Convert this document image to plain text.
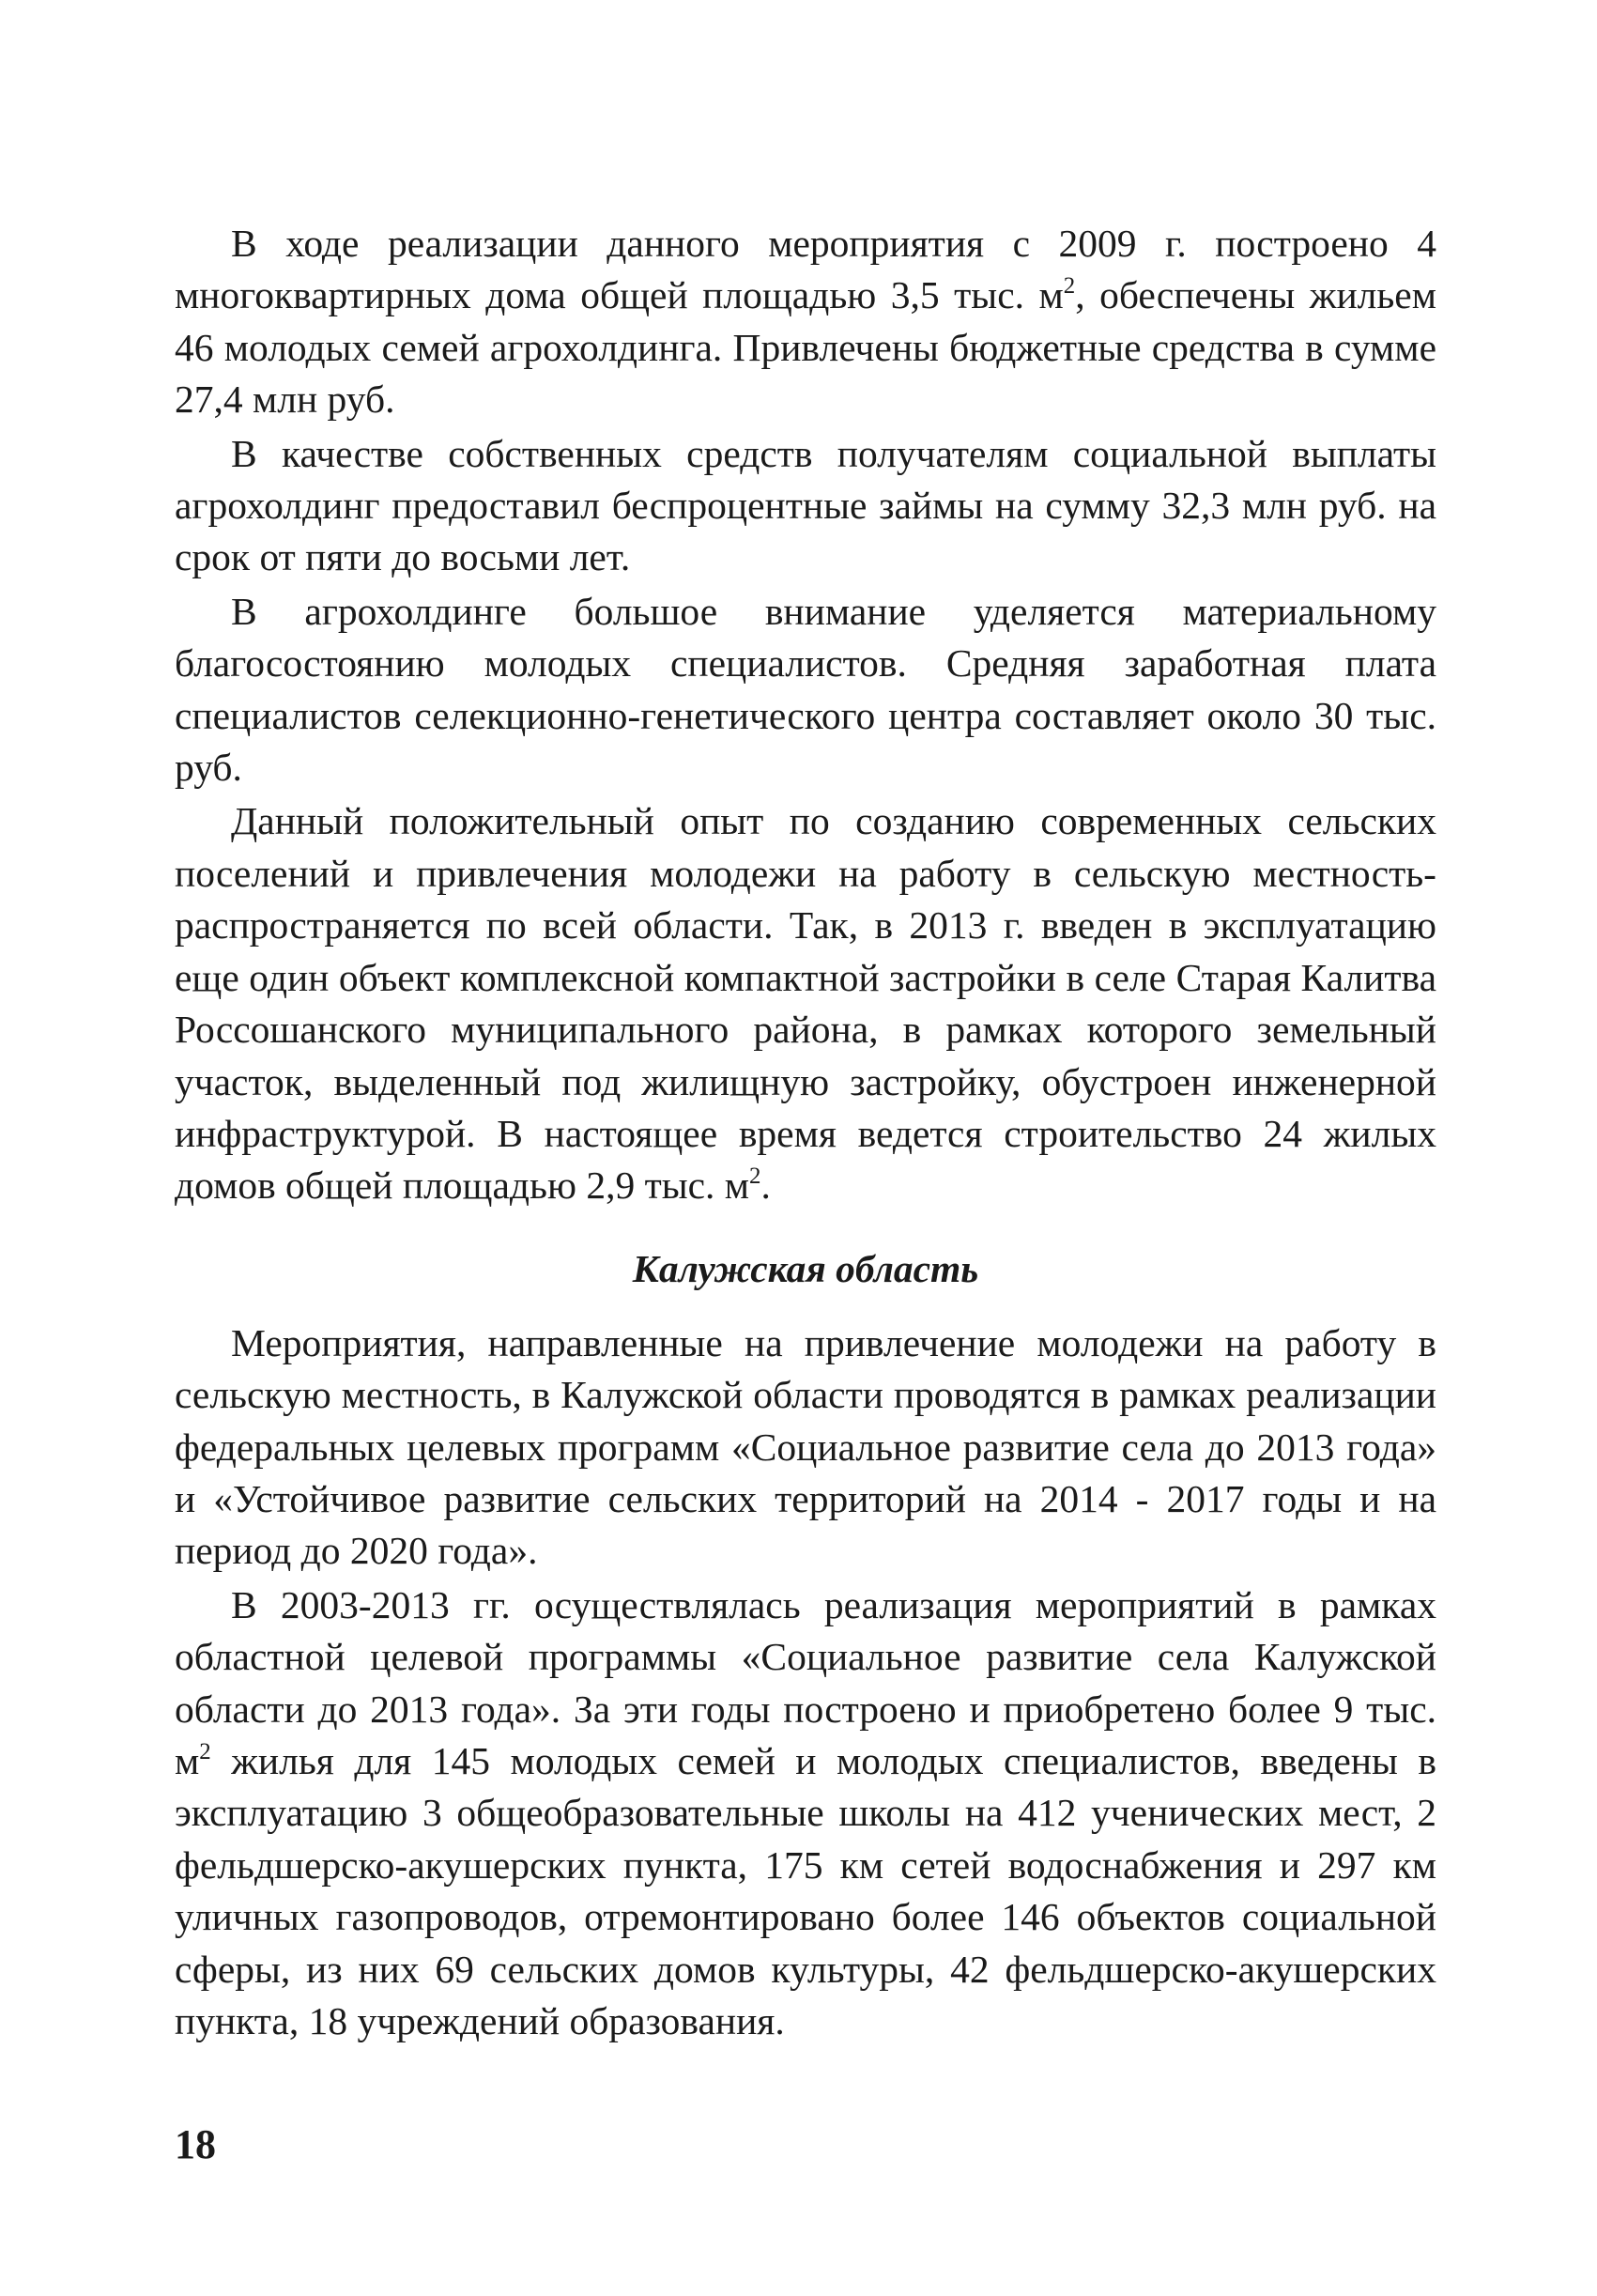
В ходе реализации данного мероприятия с 2009 г. построено 4 многоквартирных дома общей площадью 3,5 тыс. $м^2$, обеспечены жильем 46 молодых семей агрохолдинга. Привлечены бюджетные средства в сумме 27,4 млн руб.

В качестве собственных средств получателям социальной выплаты агрохолдинг предоставил беспроцентные займы на сумму 32,3 млн руб. на срок от пяти до восьми лет.

В агрохолдинге большое внимание уделяется материальному благосостоянию молодых специалистов. Средняя заработная плата специалистов селекционно-генетического центра составляет около 30 тыс. руб.

Данный положительный опыт по созданию современных сельских поселений и привлечения молодежи на работу в сельскую местность-распространяется по всей области. Так, в 2013 г. введен в эксплуатацию еще один объект комплексной компактной застройки в селе Старая Калитва Россошанского муниципального района, в рамках которого земельный участок, выделенный под жилищную застройку, обустроен инженерной инфраструктурой. В настоящее время ведется строительство 24 жилых домов общей площадью 2,9 тыс. $м^2$.

Калужская область

Мероприятия, направленные на привлечение молодежи на работу в сельскую местность, в Калужской области проводятся в рамках реализации федеральных целевых программ «Социальное развитие села до 2013 года» и «Устойчивое развитие сельских территорий на 2014 - 2017 годы и на период до 2020 года».

В 2003-2013 гг. осуществлялась реализация мероприятий в рамках областной целевой программы «Социальное развитие села Калужской области до 2013 года». За эти годы построено и приобретено более 9 тыс. $м^2$ жилья для 145 молодых семей и молодых специалистов, введены в эксплуатацию 3 общеобразовательные школы на 412 ученических мест, 2 фельдшерско-акушерских пункта, 175 км сетей водоснабжения и 297 км уличных газопроводов, отремонтировано более 146 объектов социальной сферы, из них 69 сельских домов культуры, 42 фельдшерско-акушерских пункта, 18 учреждений образования.

18
